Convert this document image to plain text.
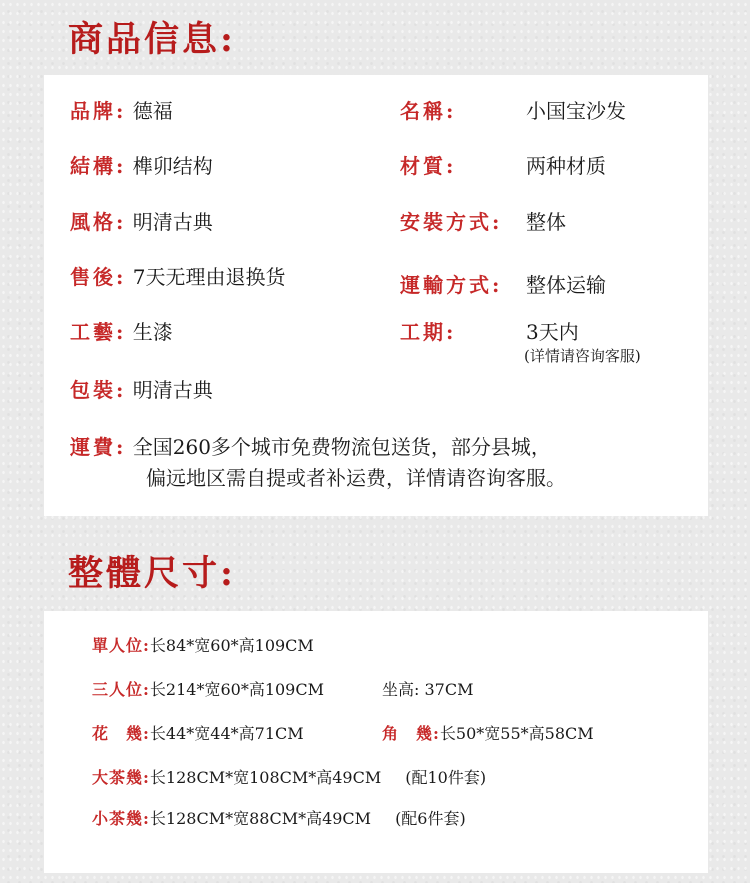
商品信息:
品牌: 德福
結構: 榫卯结构
風格: 明清古典
售後: 7天无理由退换货
工藝: 生漆
包裝: 明清古典
名稱:	小国宝沙发
材質:	两种材质
安裝方式: 整体
運輸方式: 整体运输
工期:	3天内
(详情请咨询客服)
運費: 全国260多个城市免费物流包送货，部分县城，
偏远地区需自提或者补运费，详情请咨询客服。
整體尺寸:
單人位:长84*宽60*高109CM
三人位:长214*宽60*高109CM	坐高: 37CM
花　幾:长44*宽44*高71CM	角　幾:长50*宽55*高58CM
大茶幾:长128CM*宽108CM*高49CM (配10件套)
小茶幾:长128CM*宽88CM*高49CM (配6件套)
